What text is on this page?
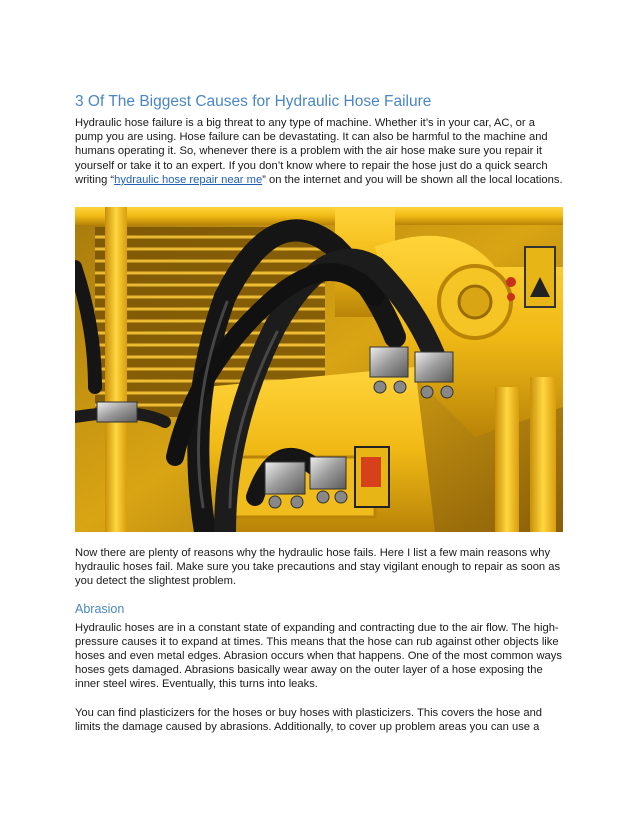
3 Of The Biggest Causes for Hydraulic Hose Failure

Hydraulic hose failure is a big threat to any type of machine. Whether it’s in your car, AC, or a pump you are using. Hose failure can be devastating. It can also be harmful to the machine and humans operating it. So, whenever there is a problem with the air hose make sure you repair it yourself or take it to an expert. If you don’t know where to repair the hose just do a quick search writing “hydraulic hose repair near me” on the internet and you will be shown all the local locations.

Now there are plenty of reasons why the hydraulic hose fails. Here I list a few main reasons why hydraulic hoses fail. Make sure you take precautions and stay vigilant enough to repair as soon as you detect the slightest problem.

Abrasion

Hydraulic hoses are in a constant state of expanding and contracting due to the air flow. The high-pressure causes it to expand at times. This means that the hose can rub against other objects like hoses and even metal edges. Abrasion occurs when that happens. One of the most common ways hoses gets damaged. Abrasions basically wear away on the outer layer of a hose exposing the inner steel wires. Eventually, this turns into leaks.

You can find plasticizers for the hoses or buy hoses with plasticizers. This covers the hose and limits the damage caused by abrasions. Additionally, to cover up problem areas you can use a
